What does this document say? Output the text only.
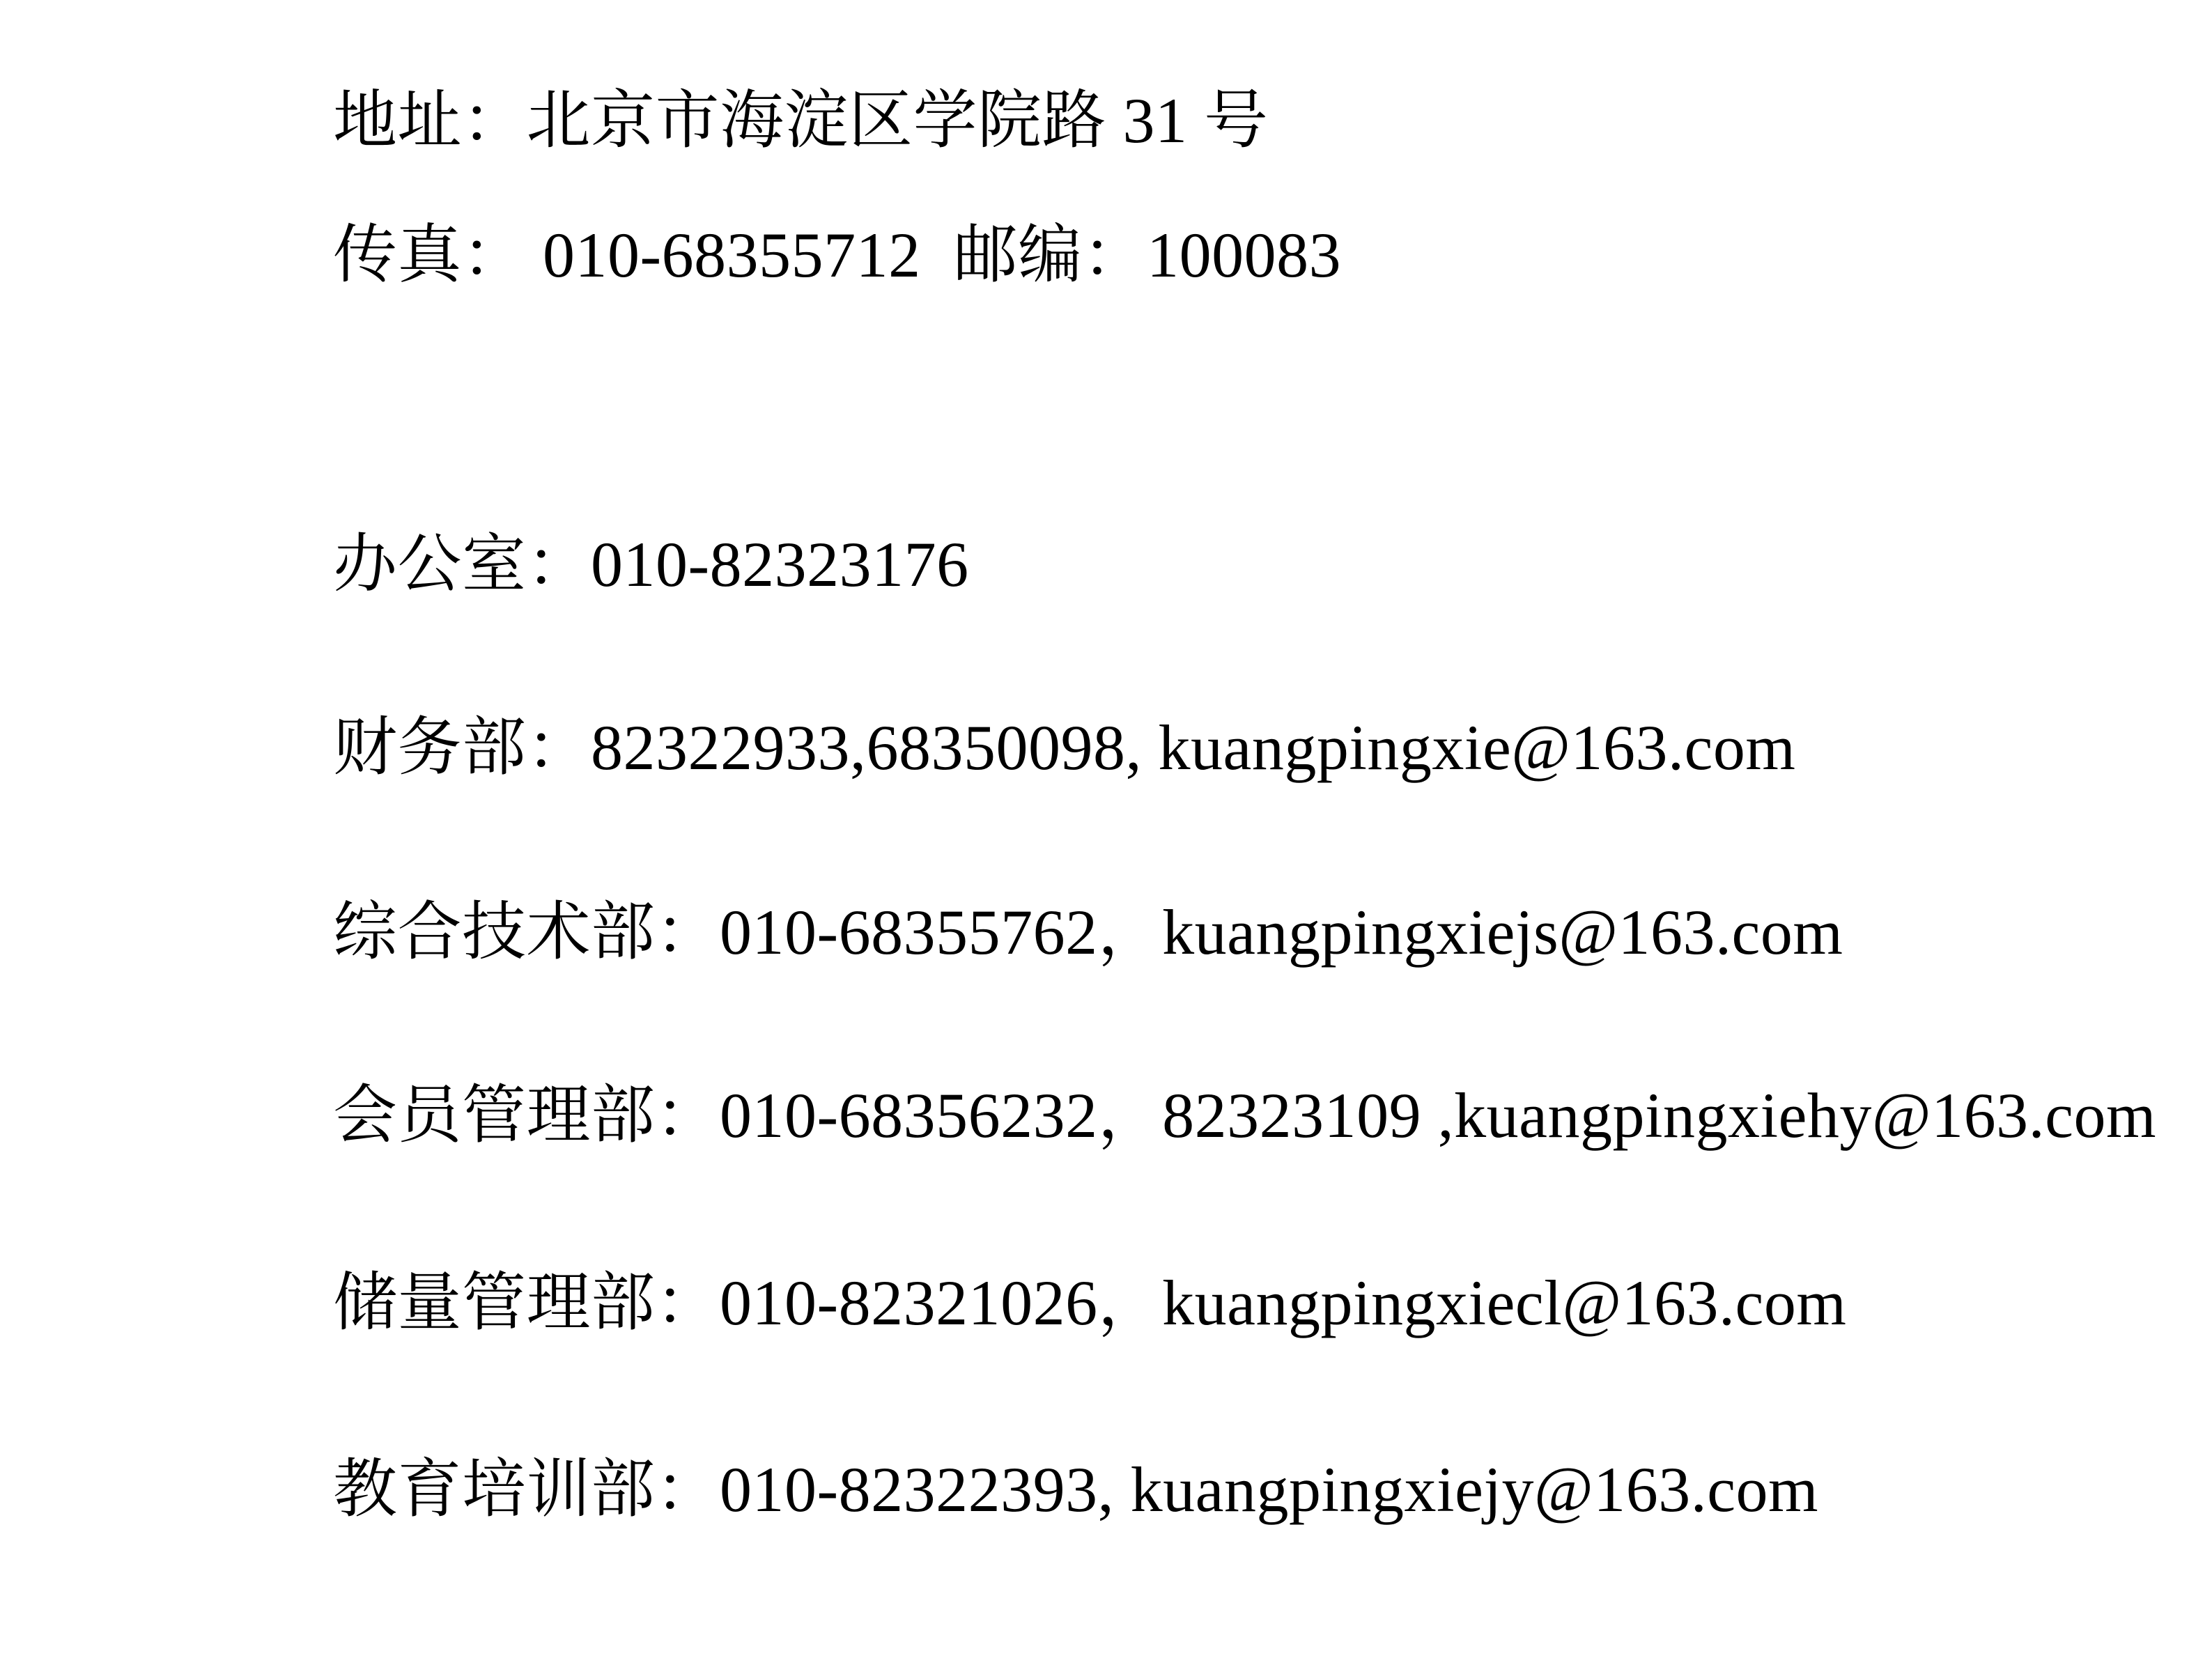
地址：北京市海淀区学院路 31 号
传真： 010-68355712  邮编：100083
办公室：010-82323176
财务部：82322933,68350098, kuangpingxie@163.com
综合技术部：010-68355762，kuangpingxiejs@163.com
会员管理部：010-68356232，82323109 ,kuangpingxiehy@163.com
储量管理部：010-82321026，kuangpingxiecl@163.com
教育培训部：010-82322393, kuangpingxiejy@163.com
